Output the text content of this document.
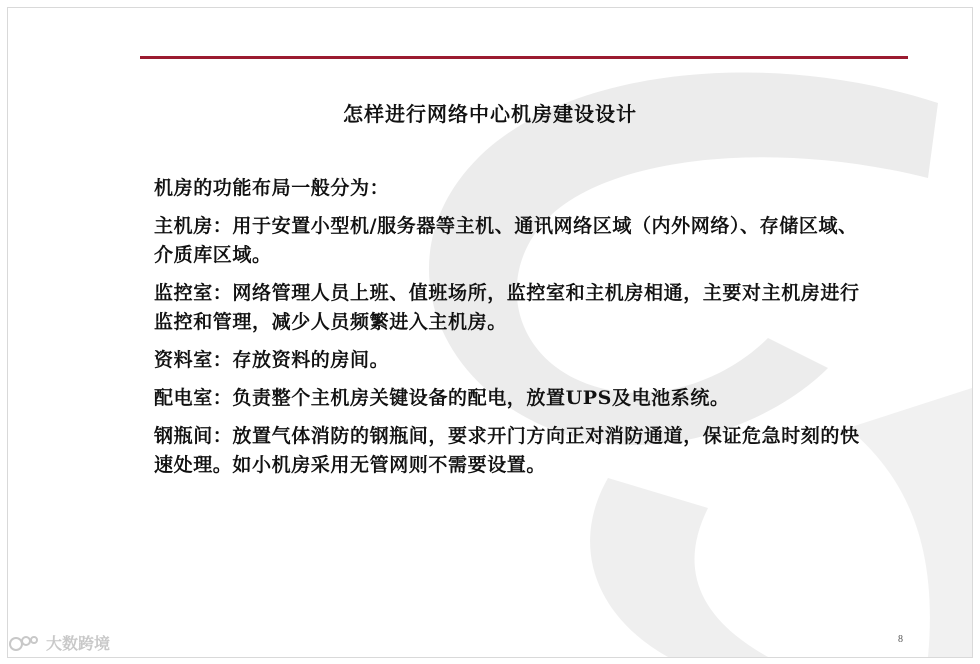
怎样进行网络中心机房建设设计

机房的功能布局一般分为：

主机房：用于安置小型机/服务器等主机、通讯网络区域（内外网络）、存储区域、介质库区域。

监控室：网络管理人员上班、值班场所，监控室和主机房相通，主要对主机房进行监控和管理，减少人员频繁进入主机房。

资料室：存放资料的房间。

配电室：负责整个主机房关键设备的配电，放置UPS及电池系统。

钢瓶间：放置气体消防的钢瓶间，要求开门方向正对消防通道，保证危急时刻的快速处理。如小机房采用无管网则不需要设置。

8
大数跨境
